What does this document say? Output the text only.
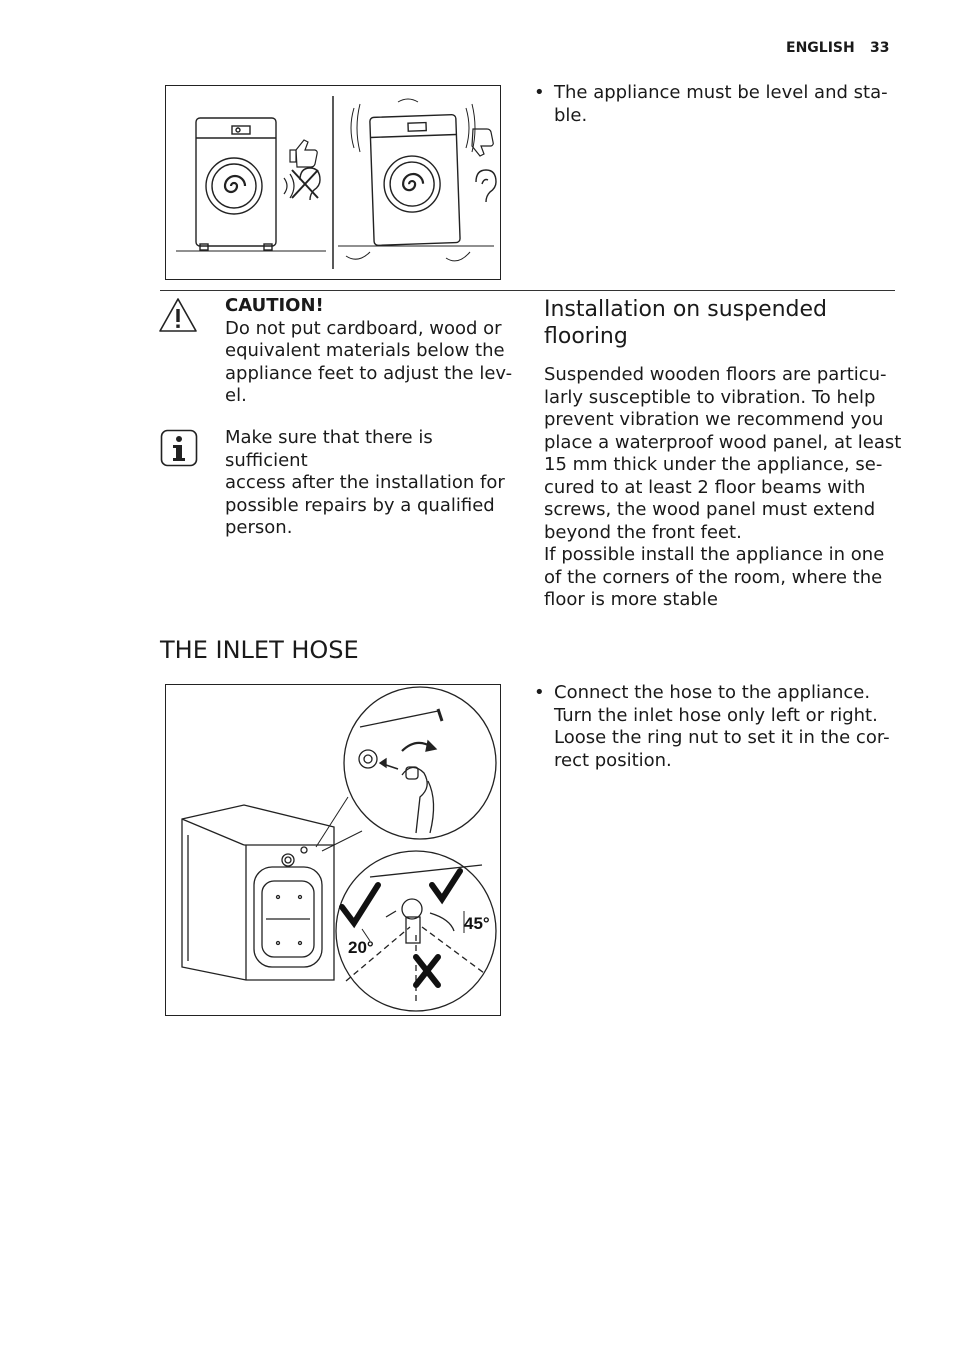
ENGLISH 33
• The appliance must be level and sta-
ble.
CAUTION!
Do not put cardboard, wood or
equivalent materials below the
appliance feet to adjust the lev-
el.
Make sure that there is sufficient
access after the installation for
possible repairs by a qualified
person.
Installation on suspended
flooring
Suspended wooden floors are particu-
larly susceptible to vibration. To help
prevent vibration we recommend you
place a waterproof wood panel, at least
15 mm thick under the appliance, se-
cured to at least 2 floor beams with
screws, the wood panel must extend
beyond the front feet.
If possible install the appliance in one
of the corners of the room, where the
floor is more stable
THE INLET HOSE
20°
45°
• Connect the hose to the appliance.
Turn the inlet hose only left or right.
Loose the ring nut to set it in the cor-
rect position.
